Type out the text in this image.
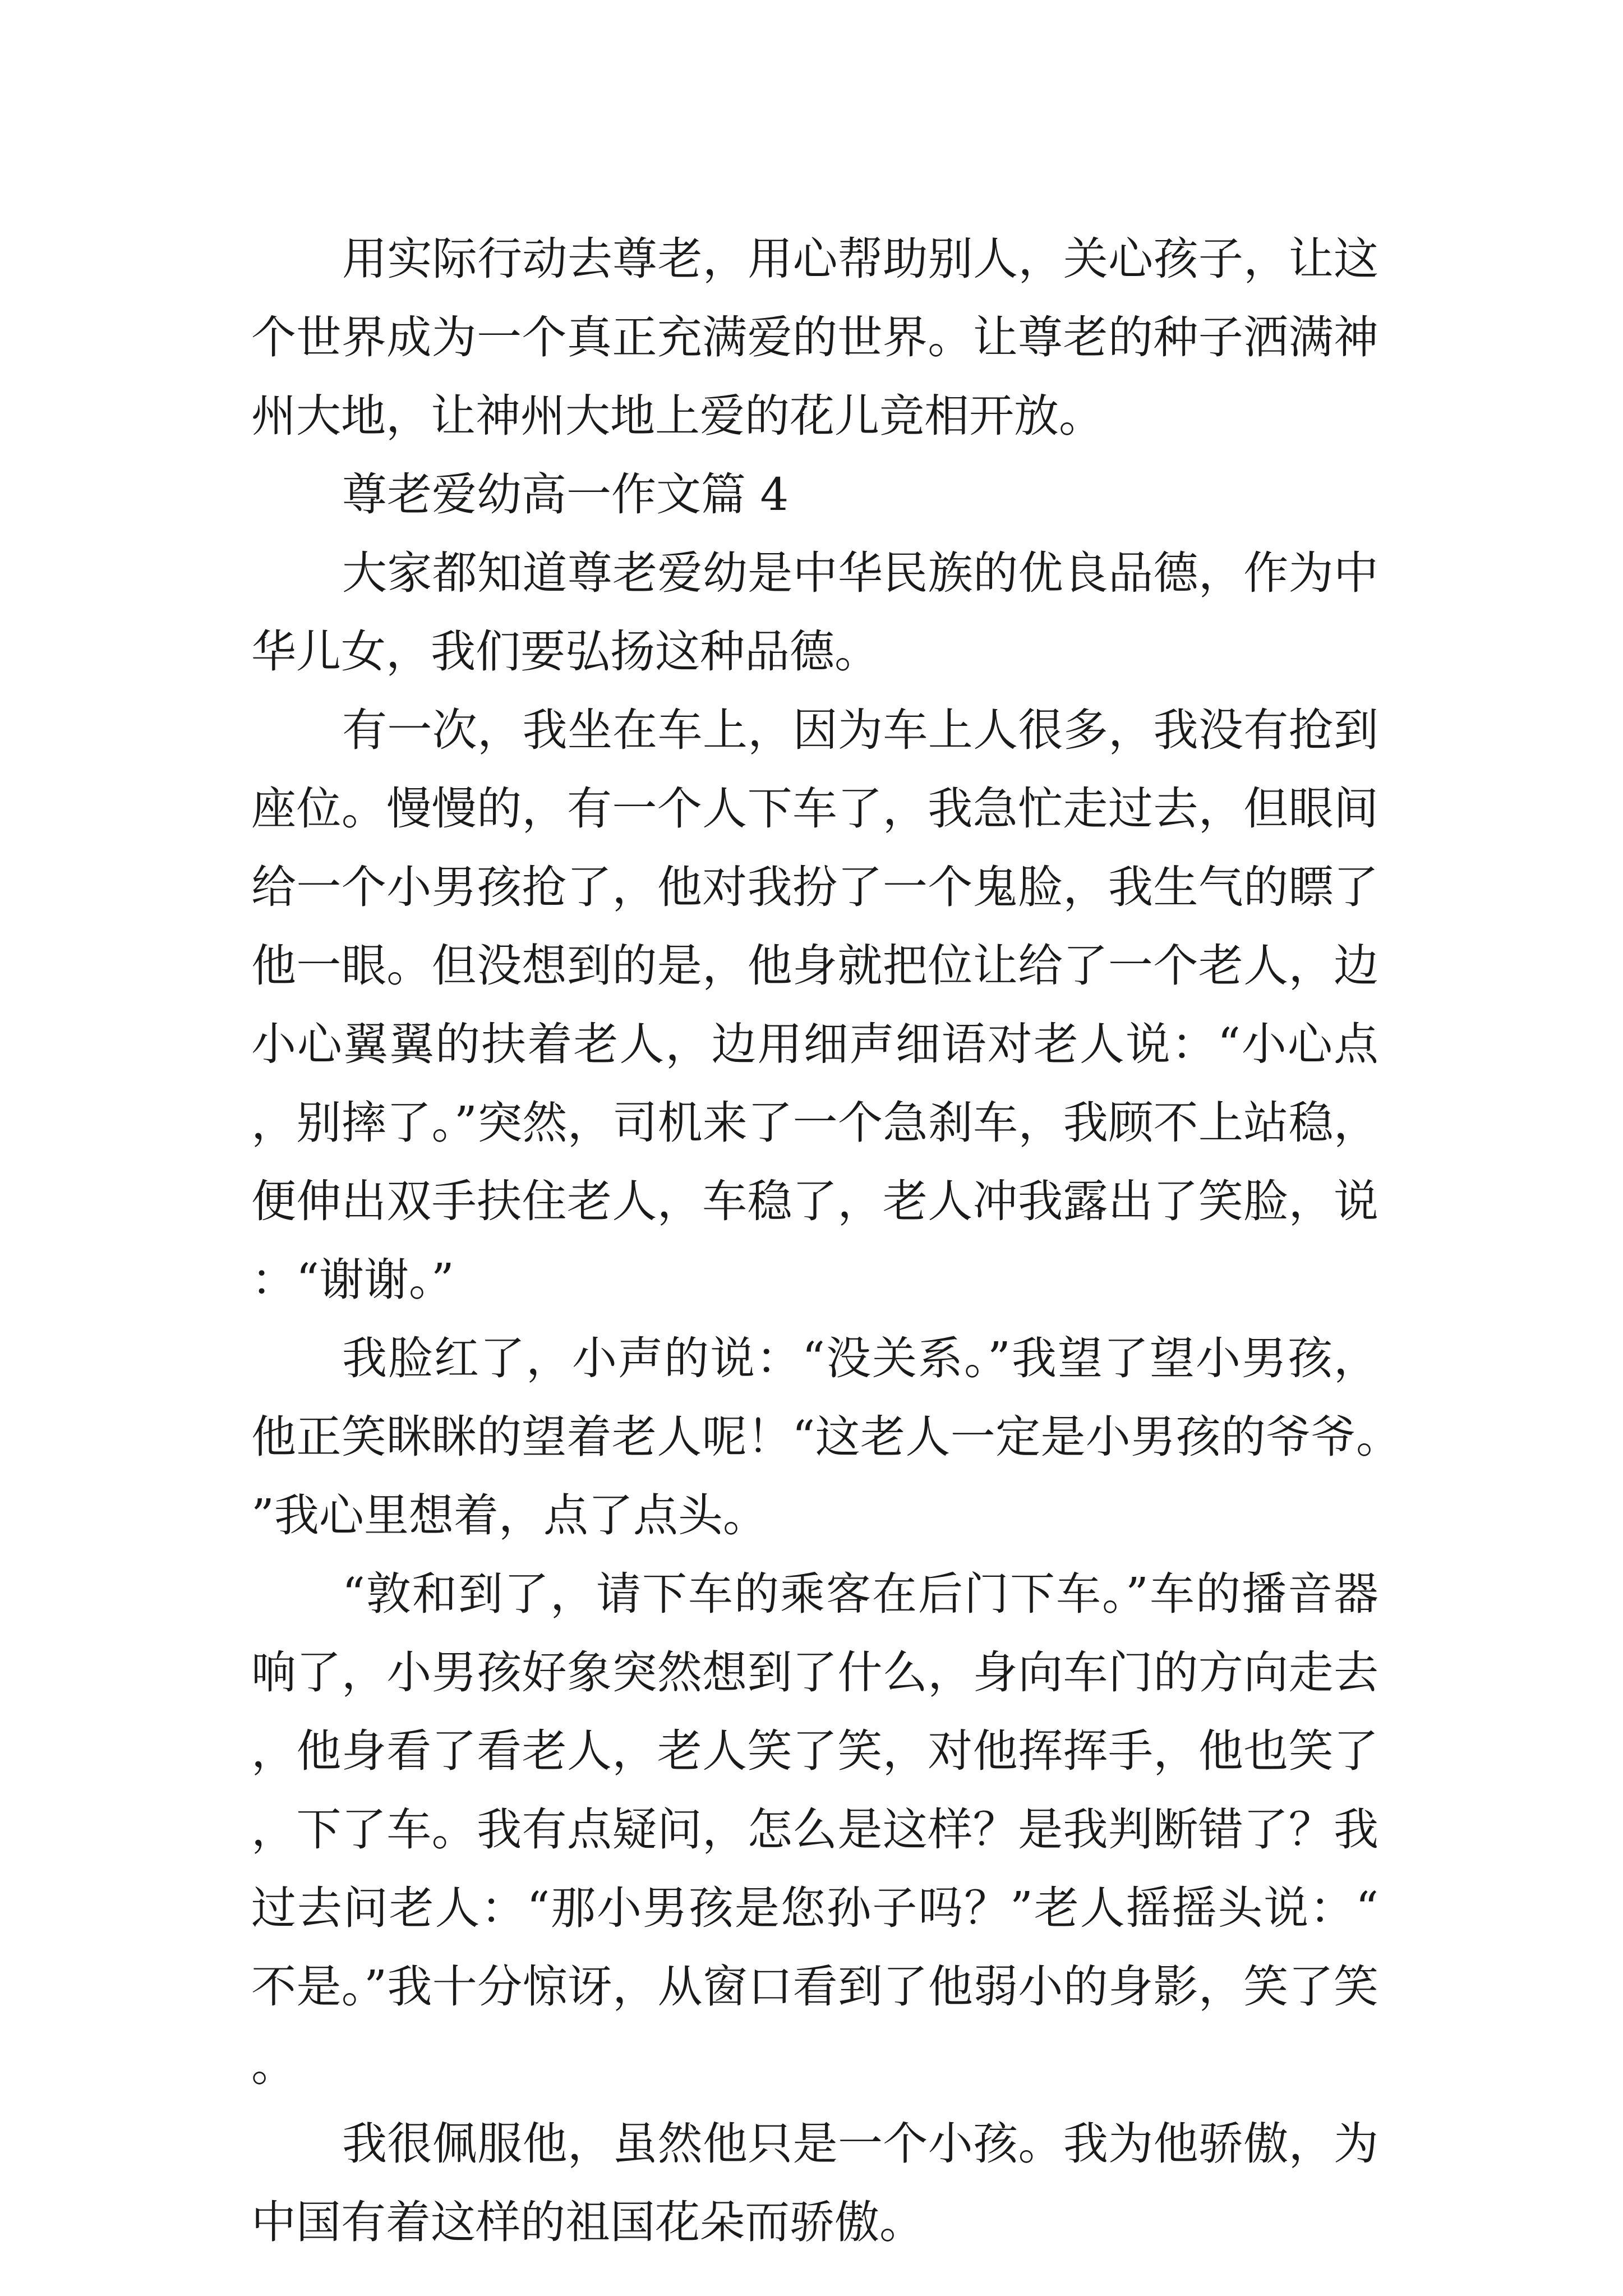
用实际行动去尊老，用心帮助别人，关心孩子，让这个世界成为一个真正充满爱的世界。让尊老的种子洒满神州大地，让神州大地上爱的花儿竞相开放。

尊老爱幼高一作文篇 4

大家都知道尊老爱幼是中华民族的优良品德，作为中华儿女，我们要弘扬这种品德。

有一次，我坐在车上，因为车上人很多，我没有抢到座位。慢慢的，有一个人下车了，我急忙走过去，但眼间给一个小男孩抢了，他对我扮了一个鬼脸，我生气的瞟了他一眼。但没想到的是，他身就把位让给了一个老人，边小心翼翼的扶着老人，边用细声细语对老人说：“小心点，别摔了。”突然，司机来了一个急刹车，我顾不上站稳，便伸出双手扶住老人，车稳了，老人冲我露出了笑脸，说：“谢谢。”

我脸红了，小声的说：“没关系。”我望了望小男孩，他正笑眯眯的望着老人呢！“这老人一定是小男孩的爷爷。”我心里想着，点了点头。

“敦和到了，请下车的乘客在后门下车。”车的播音器响了，小男孩好象突然想到了什么，身向车门的方向走去，他身看了看老人，老人笑了笑，对他挥挥手，他也笑了，下了车。我有点疑问，怎么是这样？是我判断错了？我过去问老人：“那小男孩是您孙子吗？”老人摇摇头说：“不是。”我十分惊讶，从窗口看到了他弱小的身影，笑了笑。

我很佩服他，虽然他只是一个小孩。我为他骄傲，为中国有着这样的祖国花朵而骄傲。
